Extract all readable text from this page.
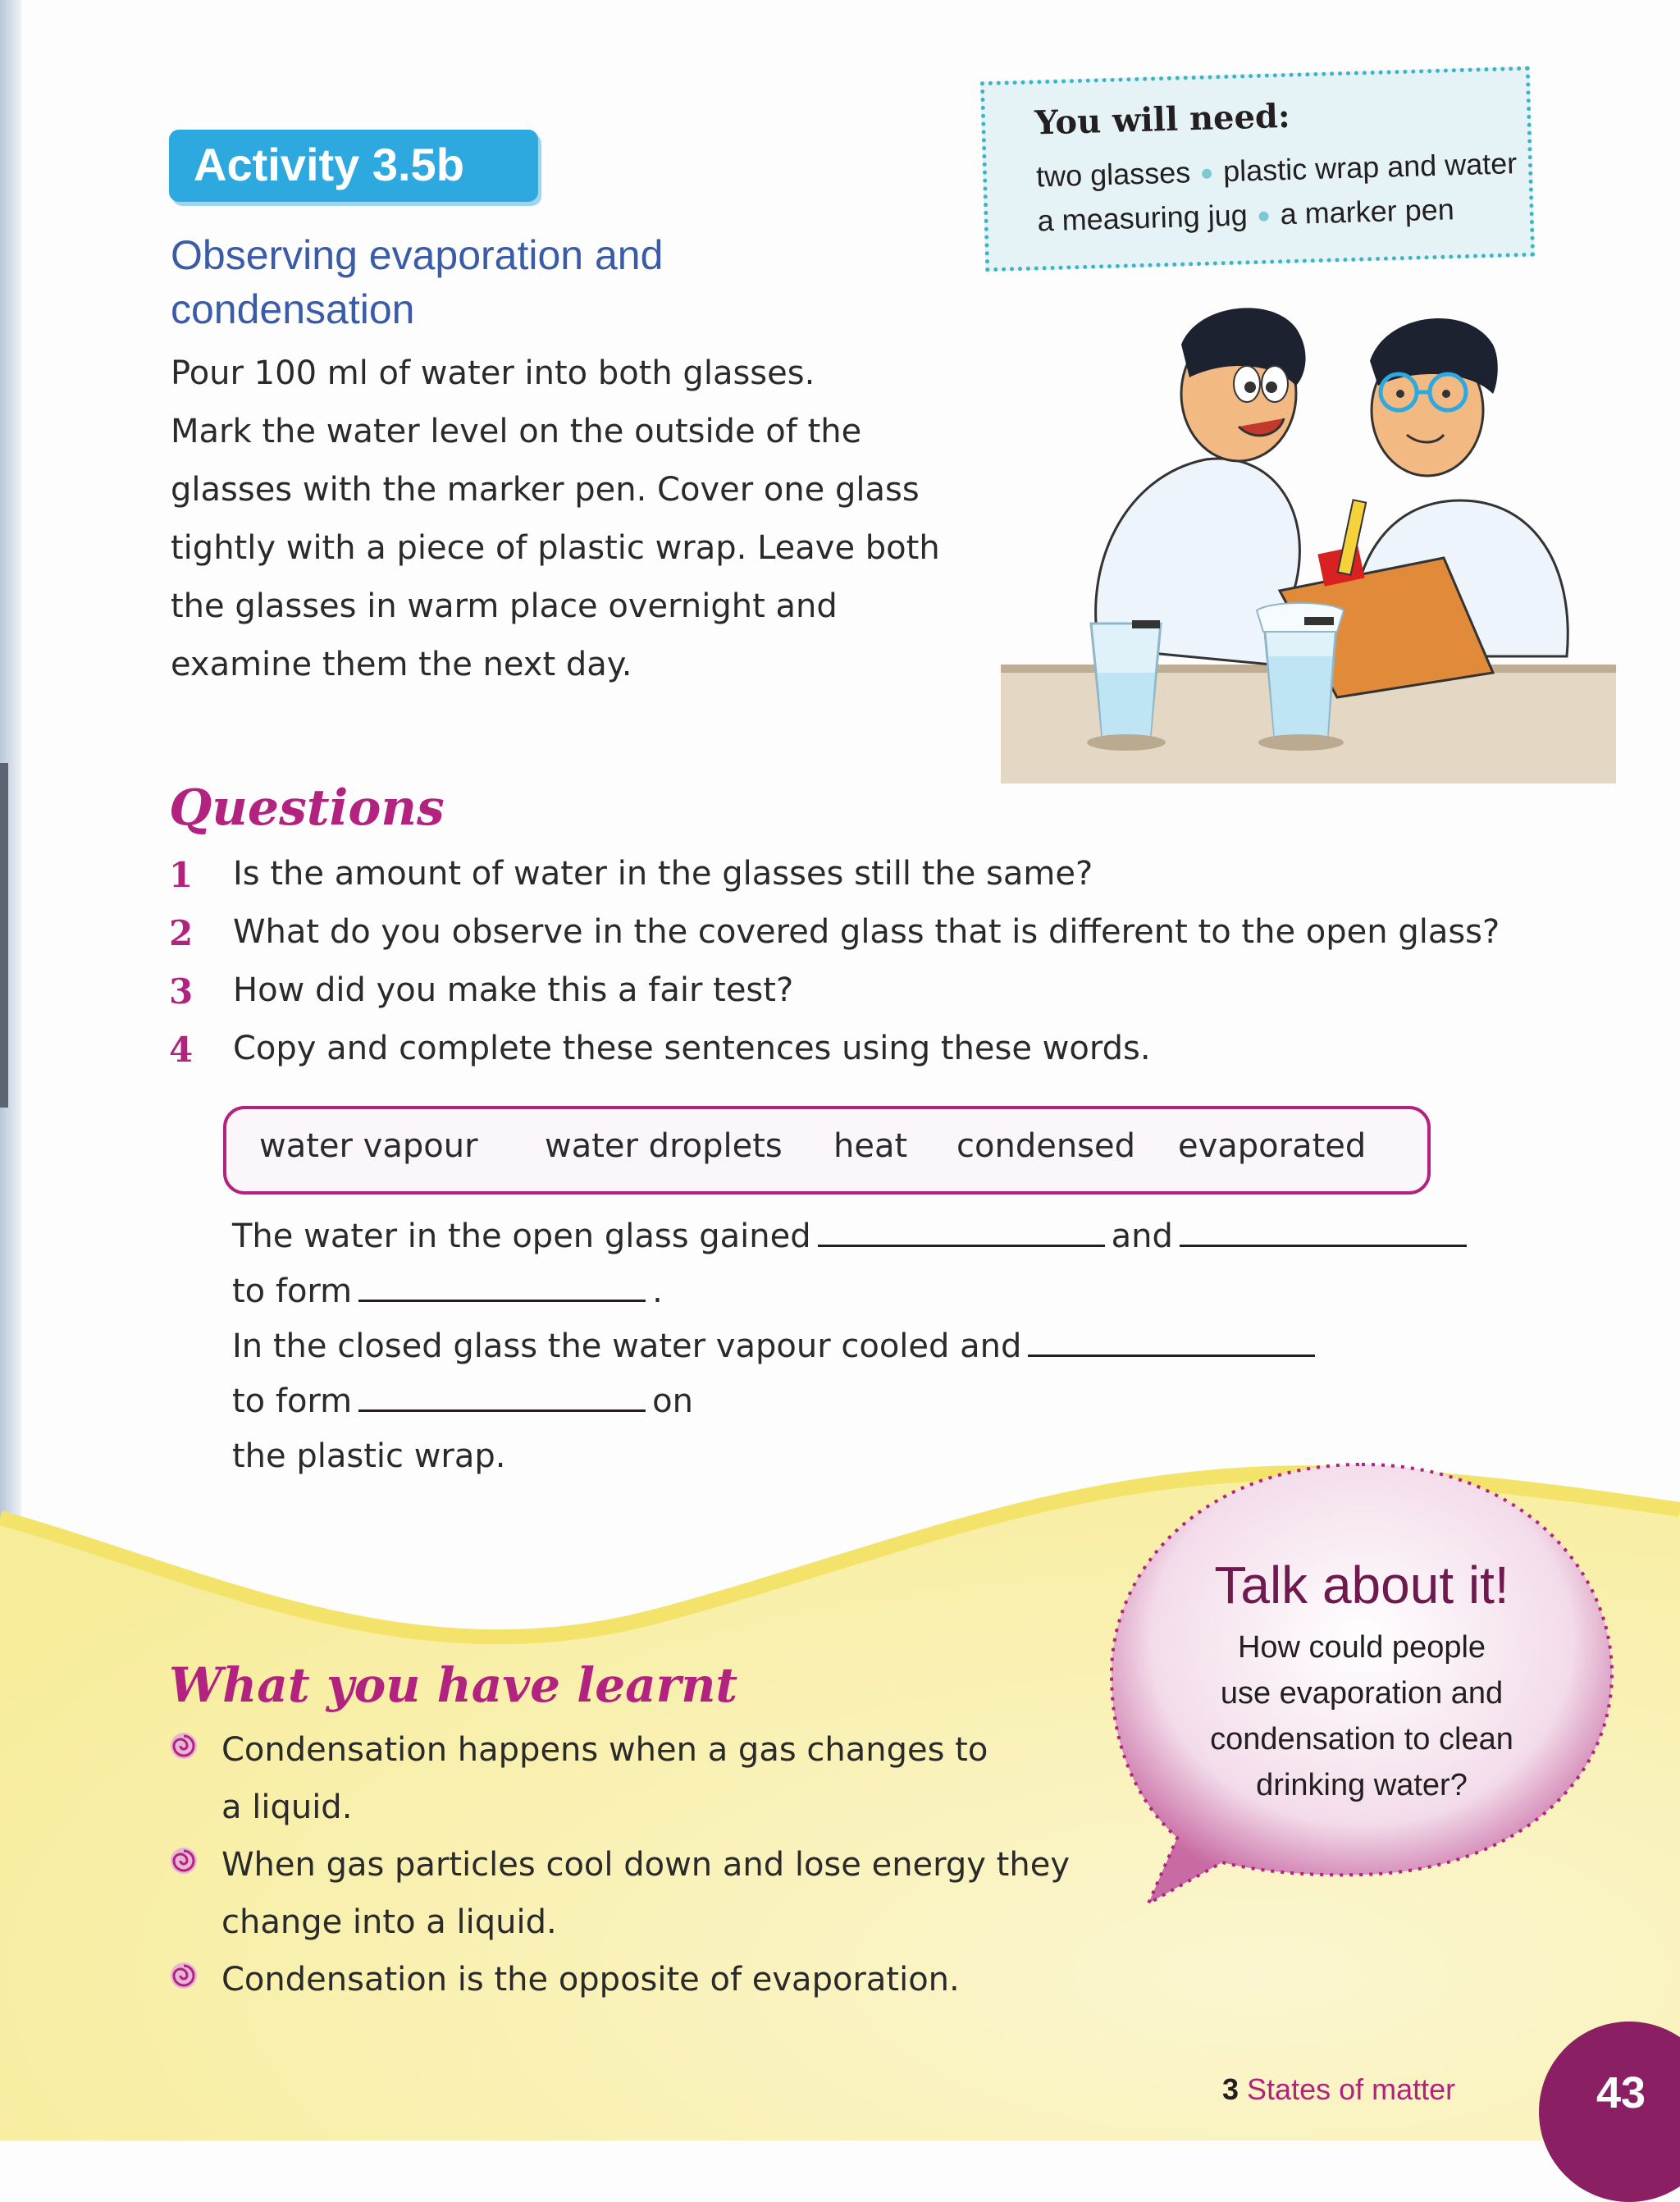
Activity 3.5b
Observing evaporation and
condensation
Pour 100 ml of water into both glasses.
Mark the water level on the outside of the
glasses with the marker pen. Cover one glass
tightly with a piece of plastic wrap. Leave both
the glasses in warm place overnight and
examine them the next day.
You will need:
two glasses plastic wrap and water
a measuring jug a marker pen
Questions
1 Is the amount of water in the glasses still the same?
2 What do you observe in the covered glass that is different to the open glass?
3 How did you make this a fair test?
4 Copy and complete these sentences using these words.
water vapour water droplets heat condensed evaporated
The water in the open glass gained	and
to form	.
In the closed glass the water vapour cooled and
to form	on
the plastic wrap.
What you have learnt
Condensation happens when a gas changes to
a liquid.
When gas particles cool down and lose energy they
change into a liquid.
Condensation is the opposite of evaporation.
Talk about it!
How could people
use evaporation and
condensation to clean
drinking water?
3 States of matter	43
